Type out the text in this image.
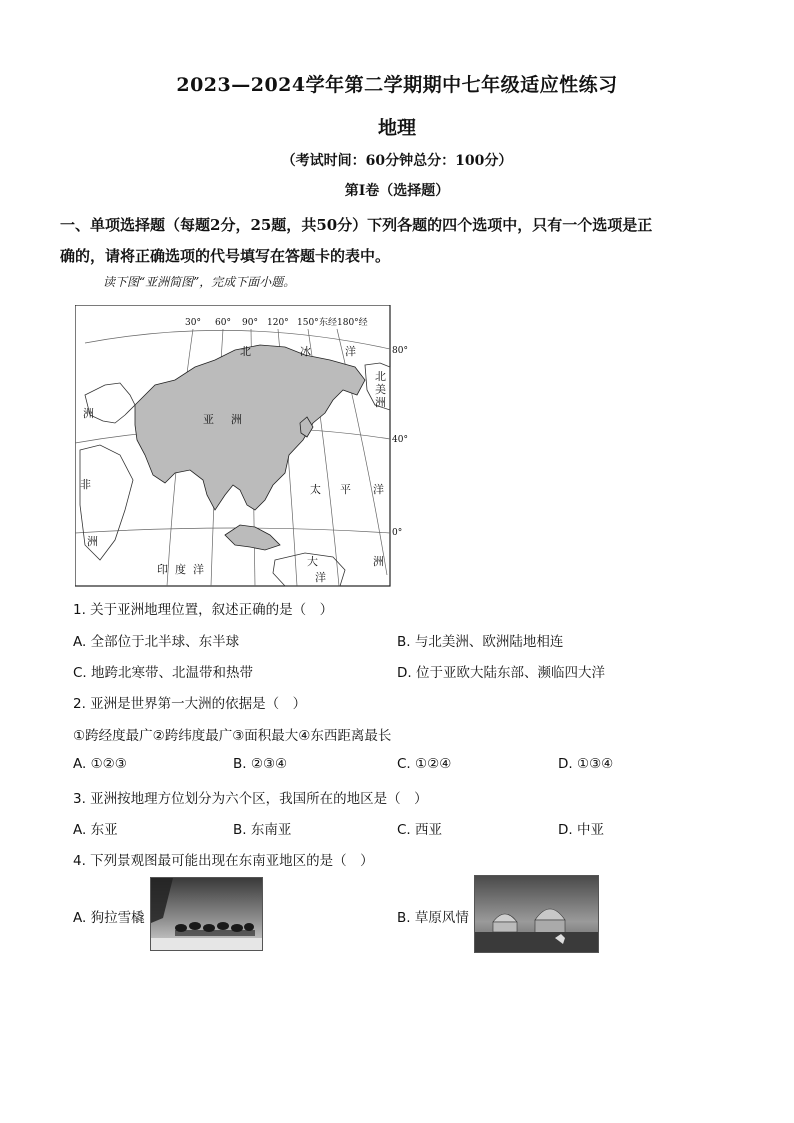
2023—2024学年第二学期期中七年级适应性练习
地理
（考试时间：60分钟总分：100分）
第Ⅰ卷（选择题）
一、单项选择题（每题2分，25题，共50分）下列各题的四个选项中，只有一个选项是正
确的，请将正确选项的代号填写在答题卡的表中。
读下图“亚洲简图”，完成下面小题。
30° 60° 90° 120° 150° 东经180°经
80°
40°
0°
北	冰	洋
北
美
洲
亚 洲
洲
非
洲
太 平 洋
印 度 洋
大
洋
洲
1. 关于亚洲地理位置，叙述正确的是（　）
A. 全部位于北半球、东半球	B. 与北美洲、欧洲陆地相连
C. 地跨北寒带、北温带和热带	D. 位于亚欧大陆东部、濒临四大洋
2. 亚洲是世界第一大洲的依据是（　）
①跨经度最广②跨纬度最广③面积最大④东西距离最长
A. ①②③	B. ②③④	C. ①②④	D. ①③④
3. 亚洲按地理方位划分为六个区，我国所在的地区是（　）
A. 东亚	B. 东南亚	C. 西亚	D. 中亚
4. 下列景观图最可能出现在东南亚地区的是（　）
A. 狗拉雪橇	B. 草原风情
